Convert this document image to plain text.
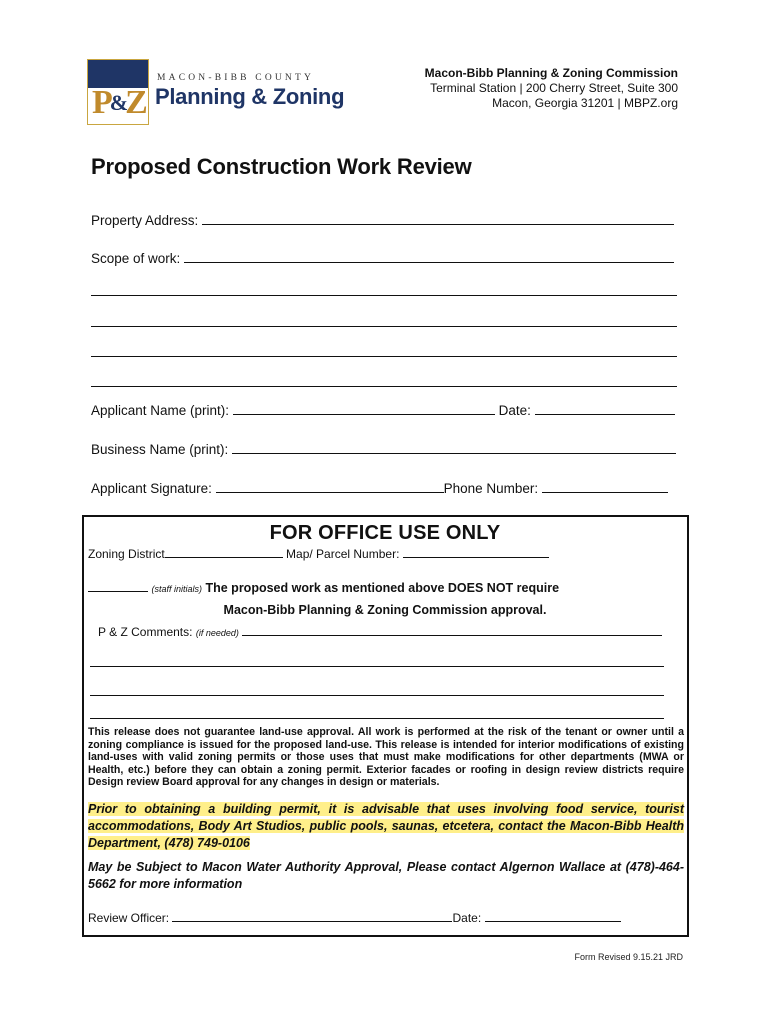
P&Z
MACON-BIBB COUNTY
Planning & Zoning
Macon-Bibb Planning & Zoning Commission
Terminal Station | 200 Cherry Street, Suite 300
Macon, Georgia 31201 | MBPZ.org
Proposed Construction Work Review
Property Address:
Scope of work:
Applicant Name (print):	Date:
Business Name (print):
Applicant Signature:	Phone Number:
FOR OFFICE USE ONLY
Zoning District	Map/ Parcel Number:
(staff initials) The proposed work as mentioned above DOES NOT require
Macon-Bibb Planning & Zoning Commission approval.
P & Z Comments: (if needed)
This release does not guarantee land-use approval. All work is performed at the risk of the tenant or owner until a zoning compliance is issued for the proposed land-use. This release is intended for interior modifications of existing land-uses with valid zoning permits or those uses that must make modifications for other departments (MWA or Health, etc.) before they can obtain a zoning permit. Exterior facades or roofing in design review districts require Design review Board approval for any changes in design or materials.
Prior to obtaining a building permit, it is advisable that uses involving food service, tourist accommodations, Body Art Studios, public pools, saunas, etcetera, contact the Macon-Bibb Health Department, (478) 749-0106
May be Subject to Macon Water Authority Approval, Please contact Algernon Wallace at (478)-464-5662 for more information
Review Officer:	Date:
Form Revised 9.15.21 JRD
